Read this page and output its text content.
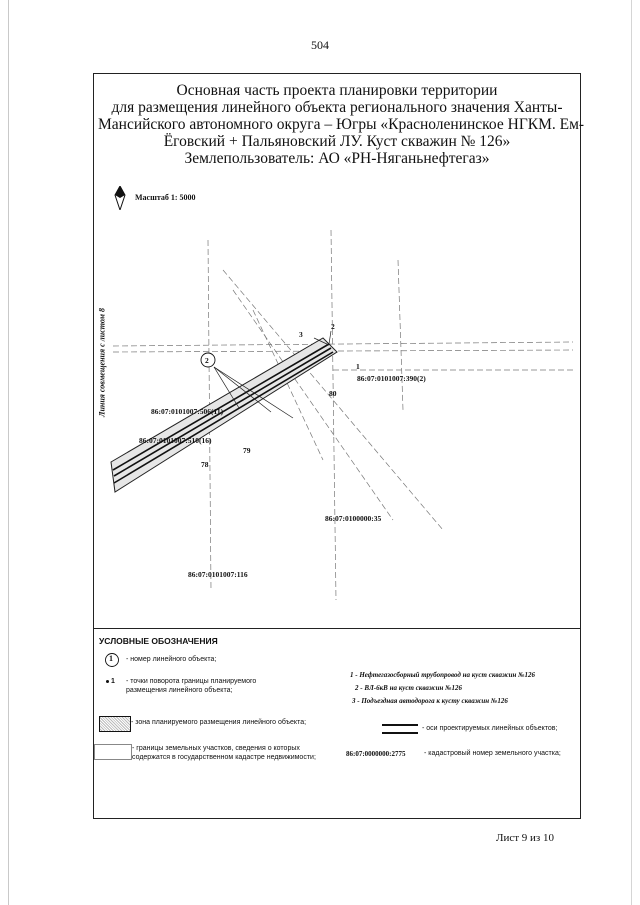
504
Основная часть проекта планировки территории
для размещения линейного объекта регионального значения Ханты-
Мансийского автономного округа – Югры «Красноленинское НГКМ. Ем-
Ёговский + Пальяновский ЛУ. Куст скважин № 126»
Землепользователь: АО «РН-Няганьнефтегаз»
Масштаб 1: 5000
Линия совмещения с листом 8	2
1
2
3
78
79
80
86:07:0101007:390(2)
86:07:0101007:506(11)
86:07:0101007:510(16)
86:07:0100000:35
86:07:0101007:116
УСЛОВНЫЕ ОБОЗНАЧЕНИЯ
1 - номер линейного объекта;
1 - точки поворота границы планируемого размещения линейного объекта;
1 - Нефтегазосборный трубопровод на куст скважин №126
2 - ВЛ-6кВ на куст скважин №126
3 - Подъездная автодорога к кусту скважин №126
- зона планируемого размещения линейного объекта;
- оси проектируемых линейных объектов;
- границы земельных участков, сведения о которых содержатся в государственном кадастре недвижимости;	86:07:0000000:2775	- кадастровый номер земельного участка;
Лист 9 из 10
